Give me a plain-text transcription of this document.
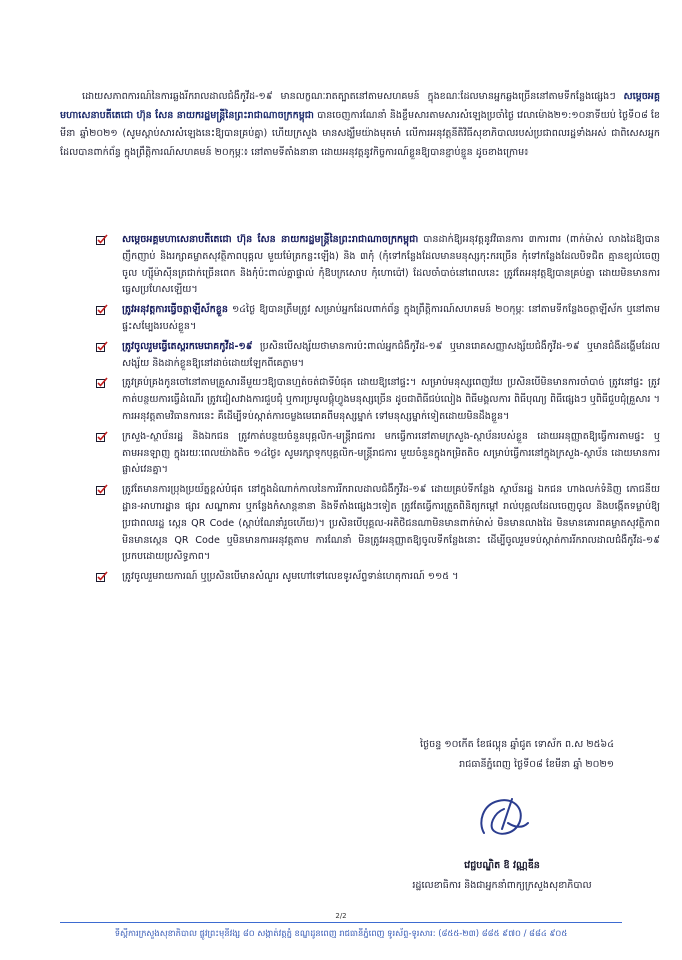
ដោយសភាពការណ៍នៃការឆ្លងរីករាលដាលជំងឺកូវីដ-១៩ មានលក្ខណៈរាតត្បាតនៅតាមសហគមន៍ ក្នុងខណៈដែលមានអ្នកឆ្លងច្រើននៅតាមទីកន្លែងផ្សេងៗ សម្តេចអគ្គមហាសេនាបតីតេជោ ហ៊ុន សែន នាយករដ្ឋមន្ត្រីនៃព្រះរាជាណាចក្រកម្ពុជា បានចេញការណែនាំ និងខ្លឹមសារតាមសារសំឡេងប្រចាំថ្ងៃ វេលាម៉ោង២១:១០នាទីយប់ ថ្ងៃទី០៨ ខែមីនា ឆ្នាំ២០២១ (សូមស្តាប់សារសំឡេងនេះឱ្យបានគ្រប់គ្នា) ហើយក្រសួង មានសង្ឃឹមយ៉ាងមុតមាំ លើការអនុវត្តនីតិវិធីសុខាភិបាលរបស់ប្រជាពលរដ្ឋទាំងអស់ ជាពិសេសអ្នកដែលបានពាក់ព័ន្ធ ក្នុងព្រឹត្តិការណ៍សហគមន៍ ២០កុម្ភៈ៖ នៅតាមទីតាំងនានា ដោយអនុវត្តនូវកិច្ចការណ៍ខ្លួនឱ្យបានខ្ជាប់ខ្ជួន ដូចខាងក្រោម៖
សម្តេចអគ្គមហាសេនាបតីតេជោ ហ៊ុន សែន នាយករដ្ឋមន្ត្រីនៃព្រះរាជាណាចក្រកម្ពុជា បានដាក់ឱ្យអនុវត្តនូវវិធានការ ៣ការពារ (ពាក់ម៉ាស់ លាងដៃឱ្យបានញឹកញាប់ និងរក្សាគម្លាតសុវត្ថិភាពបុគ្គល មួយម៉ែត្រកន្លះឡើង) និង ៣កុំ (កុំទៅកន្លែងដែលមានមនុស្សកុះករច្រើន កុំទៅកន្លែងដែលបិទជិត គ្មានខ្យល់ចេញចូល ហ្ស៊ីម៉ាស៊ីនត្រជាក់ច្រើនពេក និងកុំប៉ះពាល់គ្នាផ្ទាល់ កុំឱបក្រសោប កុំហោប៉ៅ) ដែលចាំបាច់នៅពេលនេះ ត្រូវតែអនុវត្តឱ្យបានគ្រប់គ្នា ដោយមិនមានការធ្វេសប្រហែសឡើយ។
ត្រូវអនុវត្តការធ្វើចត្តាឡីស័កខ្លួន ១៤ថ្ងៃ ឱ្យបានត្រឹមត្រូវ សម្រាប់អ្នកដែលពាក់ព័ន្ធ ក្នុងព្រឹត្តិការណ៍សហគមន៍ ២០កុម្ភៈ នៅតាមទីកន្លែងចត្តាឡីស័ក ឬនៅតាមផ្ទះសម្បែងរបស់ខ្លួន។
ត្រូវចូលរួមធ្វើតេស្តរកមេរោគកូវីដ-១៩ ប្រសិនបើសង្ស័យថាមានការប៉ះពាល់អ្នកជំងឺកូវីដ-១៩ ឬមានរោគសញ្ញាសង្ស័យជំងឺកូវីដ-១៩ ឬមានជំងឺដង្ហើមដែលសង្ស័យ និងដាក់ខ្លួនឱ្យនៅដាច់ដោយឡែកពីគេភ្លាម។
ត្រូវគ្រប់គ្រងកូនចៅនៅតាមគ្រួសារនីមួយៗឱ្យបានហ្មត់ចត់ជាទីបំផុត ដោយឱ្យនៅផ្ទះ។ សម្រាប់មនុស្សពេញវ័យ ប្រសិនបើមិនមានការចាំបាច់ ត្រូវនៅផ្ទះ ត្រូវកាត់បន្ថយការធ្វើដំណើរ ត្រូវជៀសវាងការជួបជុំ ឬការប្រមូលផ្តុំហ្វូងមនុស្សច្រើន ដូចជាពិធីជប់លៀង ពិធីមង្គលការ ពិធីបុណ្យ ពិធីផ្សេងៗ ឬពិធីជួបជុំគ្រួសារ ។ ការអនុវត្តតាមវិធានការនេះ គឺដើម្បីទប់ស្កាត់ការចម្លងមេរោគពីមនុស្សម្នាក់ ទៅមនុស្សម្នាក់ទៀតដោយមិនដឹងខ្លួន។
ក្រសួង-ស្ថាប័នរដ្ឋ និងឯកជន ត្រូវកាត់បន្ថយចំនួនបុគ្គលិក-មន្ត្រីរាជការ មកធ្វើការនៅតាមក្រសួង-ស្ថាប័នរបស់ខ្លួន ដោយអនុញ្ញាតឱ្យធ្វើការតាមផ្ទះ ឬតាមអនឡាញ ក្នុងរយៈពេលយ៉ាងតិច ១៤ថ្ងៃ៖ សូមរក្សាទុកបុគ្គលិក-មន្ត្រីរាជការ មួយចំនួនក្នុងកម្រិតតិច សម្រាប់ធ្វើការនៅក្នុងក្រសួង-ស្ថាប័ន ដោយមានការផ្លាស់វេនគ្នា។
ត្រូវតែមានការប្រុងប្រយ័ត្នខ្ពស់បំផុត នៅក្នុងដំណាក់កាលនៃការរីករាលដាលជំងឺកូវីដ-១៩ ដោយគ្រប់ទីកន្លែង ស្ថាប័នរដ្ឋ ឯកជន ហាងលក់ទំនិញ ភោជនីយដ្ឋាន-អាហារដ្ឋាន ផ្សារ សណ្ឋាគារ ឬកន្លែងកំសាន្តនានា និងទីតាំងផ្សេងៗទៀត ត្រូវតែធ្វើការត្រួតពិនិត្យកម្តៅ រាល់បុគ្គលដែលចេញចូល និងបង្កើតទម្លាប់ឱ្យប្រជាពលរដ្ឋ ស្កេន QR Code (ស្តាប់ណែនាំរួចហើយ)។ ប្រសិនបើបុគ្គល-អតិថិជនណាមិនមានពាក់ម៉ាស់ មិនមានលាងដៃ មិនមានគោរពគម្លាតសុវត្ថិភាព មិនមានស្កេន QR Code ឬមិនមានការអនុវត្តតាម ការណែនាំ មិនត្រូវអនុញ្ញាតឱ្យចូលទីកន្លែងនោះ ដើម្បីចូលរួមទប់ស្កាត់ការរីករាលដាលជំងឺកូវីដ-១៩ ប្រកបដោយប្រសិទ្ធភាព។
ត្រូវចូលរួមរាយការណ៍ ឬប្រសិនបើមានសំណួរ សូមហៅទៅលេខទូរស័ព្ទទាន់ហេតុការណ៍ ១១៥ ។
ថ្ងៃចន្ទ ១០កើត ខែផល្គុន ឆ្នាំជូត ទោស័ក ព.ស ២៥៦៤
រាជធានីភ្នំពេញ ថ្ងៃទី០៨ ខែមីនា ឆ្នាំ ២០២១
វេជ្ជបណ្ឌិត ឱ វណ្ណឌីន
រដ្ឋលេខាធិការ និងជាអ្នកនាំពាក្យក្រសួងសុខាភិបាល
2/2
ទីស្តីការក្រសួងសុខាភិបាល ផ្លូវព្រះមុនីវង្ស ៨០ សង្កាត់វត្តភ្នំ ខណ្ឌដូនពេញ រាជធានីភ្នំពេញ ទូរស័ព្ទ-ទូរសារ: (៨៥៥-២៣) ៨៨៥ ៩៧០ / ៨៨៤ ៩០៥
